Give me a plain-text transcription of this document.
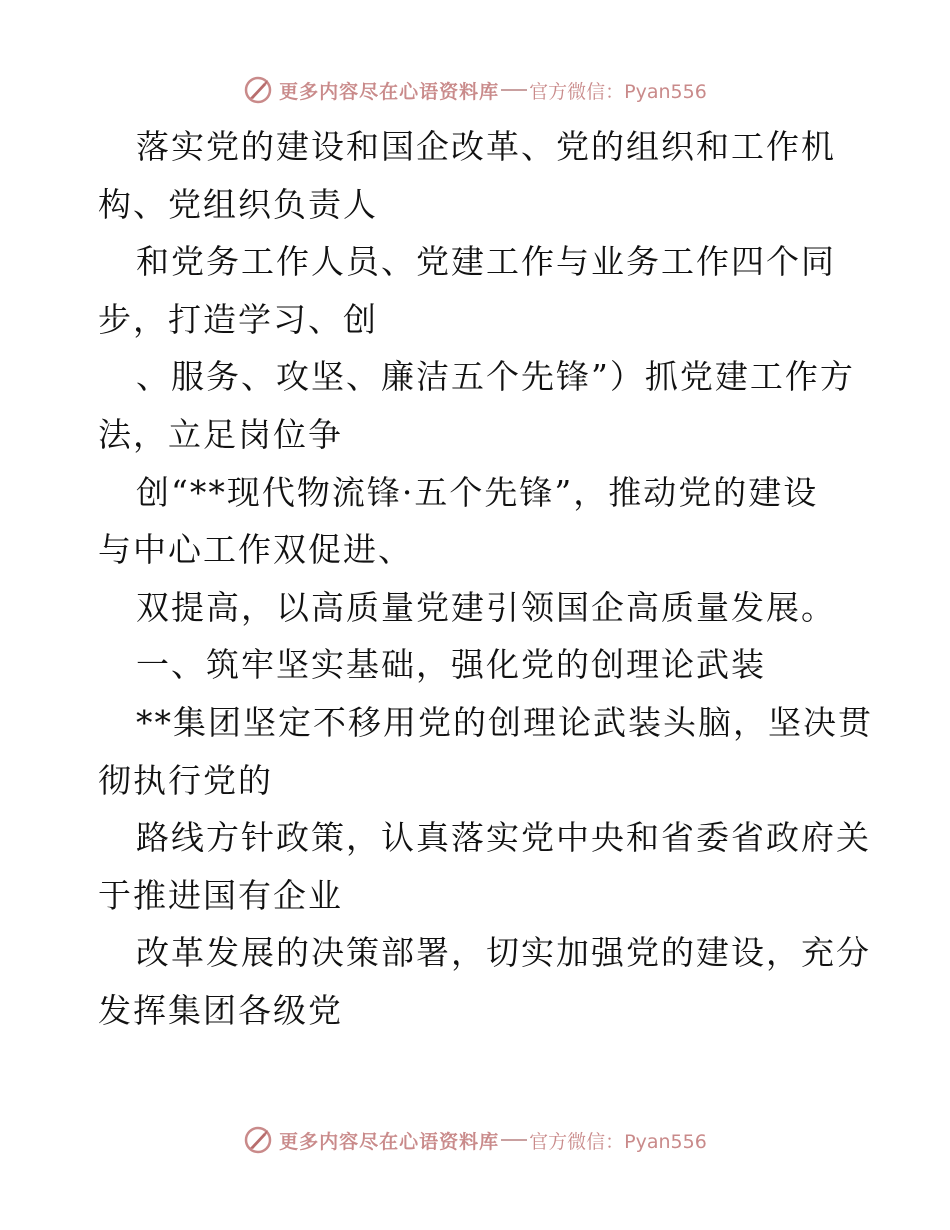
更多内容尽在心语资料库 官方微信：Pyan556
落实党的建设和国企改革、党的组织和工作机
构、党组织负责人
和党务工作人员、党建工作与业务工作四个同
步，打造学习、创
、服务、攻坚、廉洁五个先锋”）抓党建工作方
法，立足岗位争
创“**现代物流锋·五个先锋”，推动党的建设
与中心工作双促进、
双提高，以高质量党建引领国企高质量发展。
一、筑牢坚实基础，强化党的创理论武装
**集团坚定不移用党的创理论武装头脑，坚决贯
彻执行党的
路线方针政策，认真落实党中央和省委省政府关
于推进国有企业
改革发展的决策部署，切实加强党的建设，充分
发挥集团各级党
更多内容尽在心语资料库 官方微信：Pyan556
